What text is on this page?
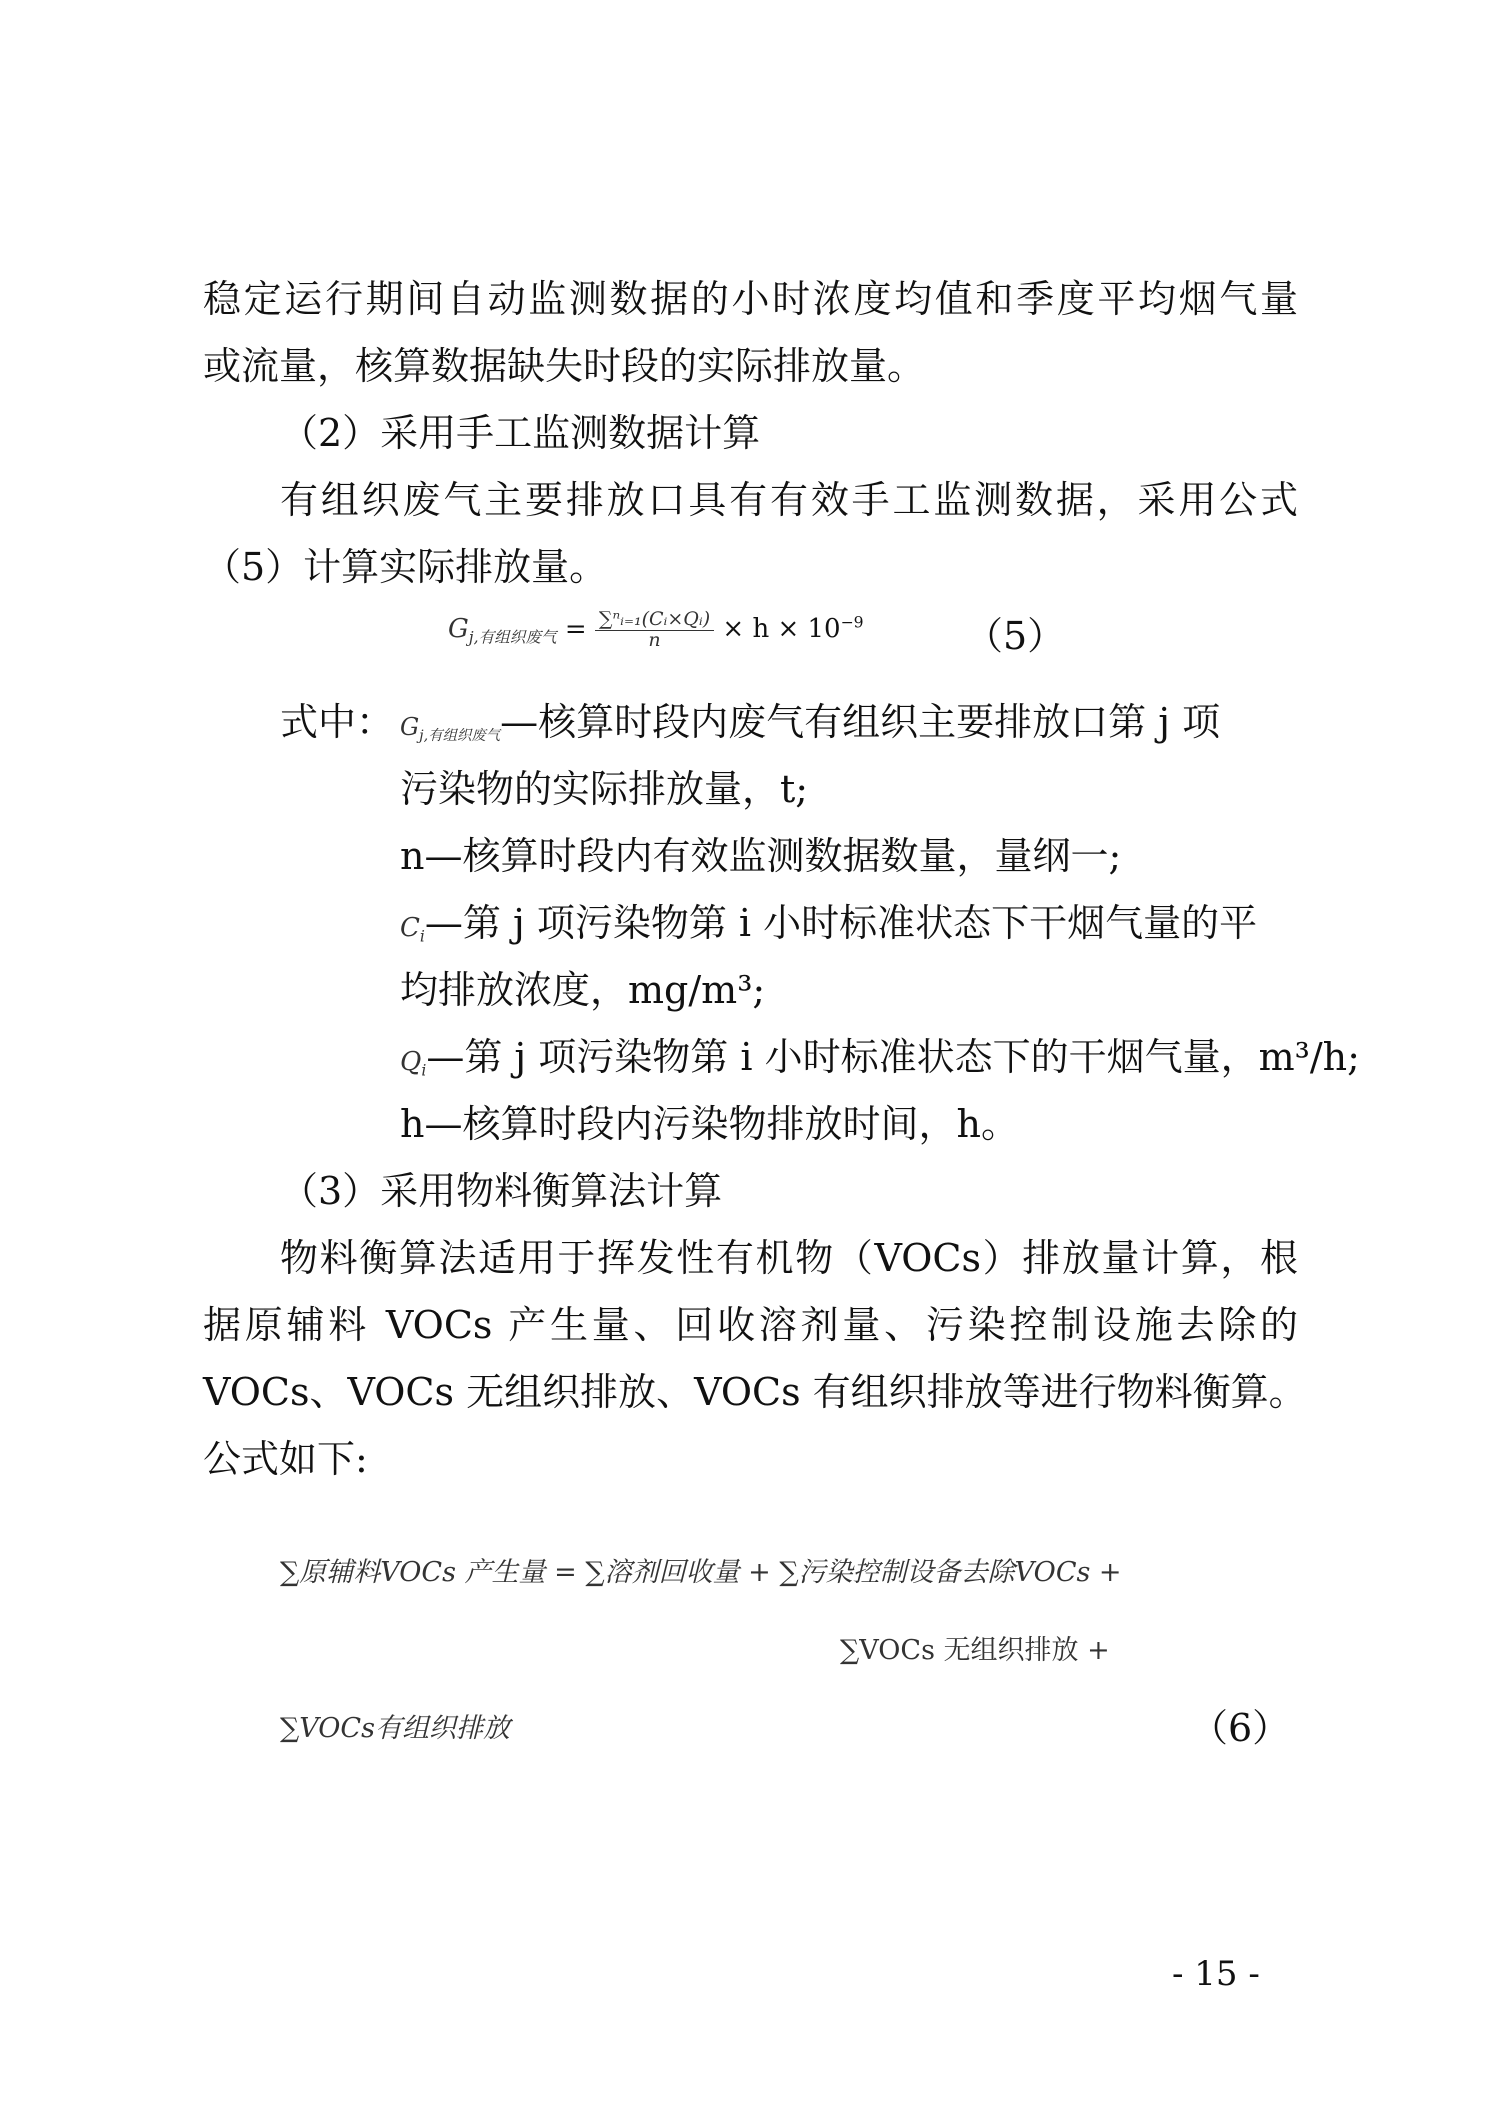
稳定运行期间自动监测数据的小时浓度均值和季度平均烟气量
或流量，核算数据缺失时段的实际排放量。
（2）采用手工监测数据计算
有组织废气主要排放口具有有效手工监测数据，采用公式
（5）计算实际排放量。
$G_{j,有组织废气} = \frac{\text{∑ⁿᵢ₌₁(Cᵢ×Qᵢ)}}{n} \times h \times 10^{-9}$	（5）
式中： $G_{j,有组织废气}—$核算时段内废气有组织主要排放口第 j 项
污染物的实际排放量，t;
n—核算时段内有效监测数据数量，量纲一;
$C_i—$第 j 项污染物第 i 小时标准状态下干烟气量的平
均排放浓度，mg/m³;
$Q_i—$第 j 项污染物第 i 小时标准状态下的干烟气量，m³/h;
h—核算时段内污染物排放时间，h。
（3）采用物料衡算法计算
物料衡算法适用于挥发性有机物（VOCs）排放量计算，根
据原辅料 VOCs 产生量、回收溶剂量、污染控制设施去除的
VOCs、VOCs 无组织排放、VOCs 有组织排放等进行物料衡算。
公式如下:
∑原辅料VOCs 产生量 = ∑溶剂回收量 + ∑污染控制设备去除VOCs +
∑VOCs 无组织排放 +
∑VOCs有组织排放	（6）
- 15 -
